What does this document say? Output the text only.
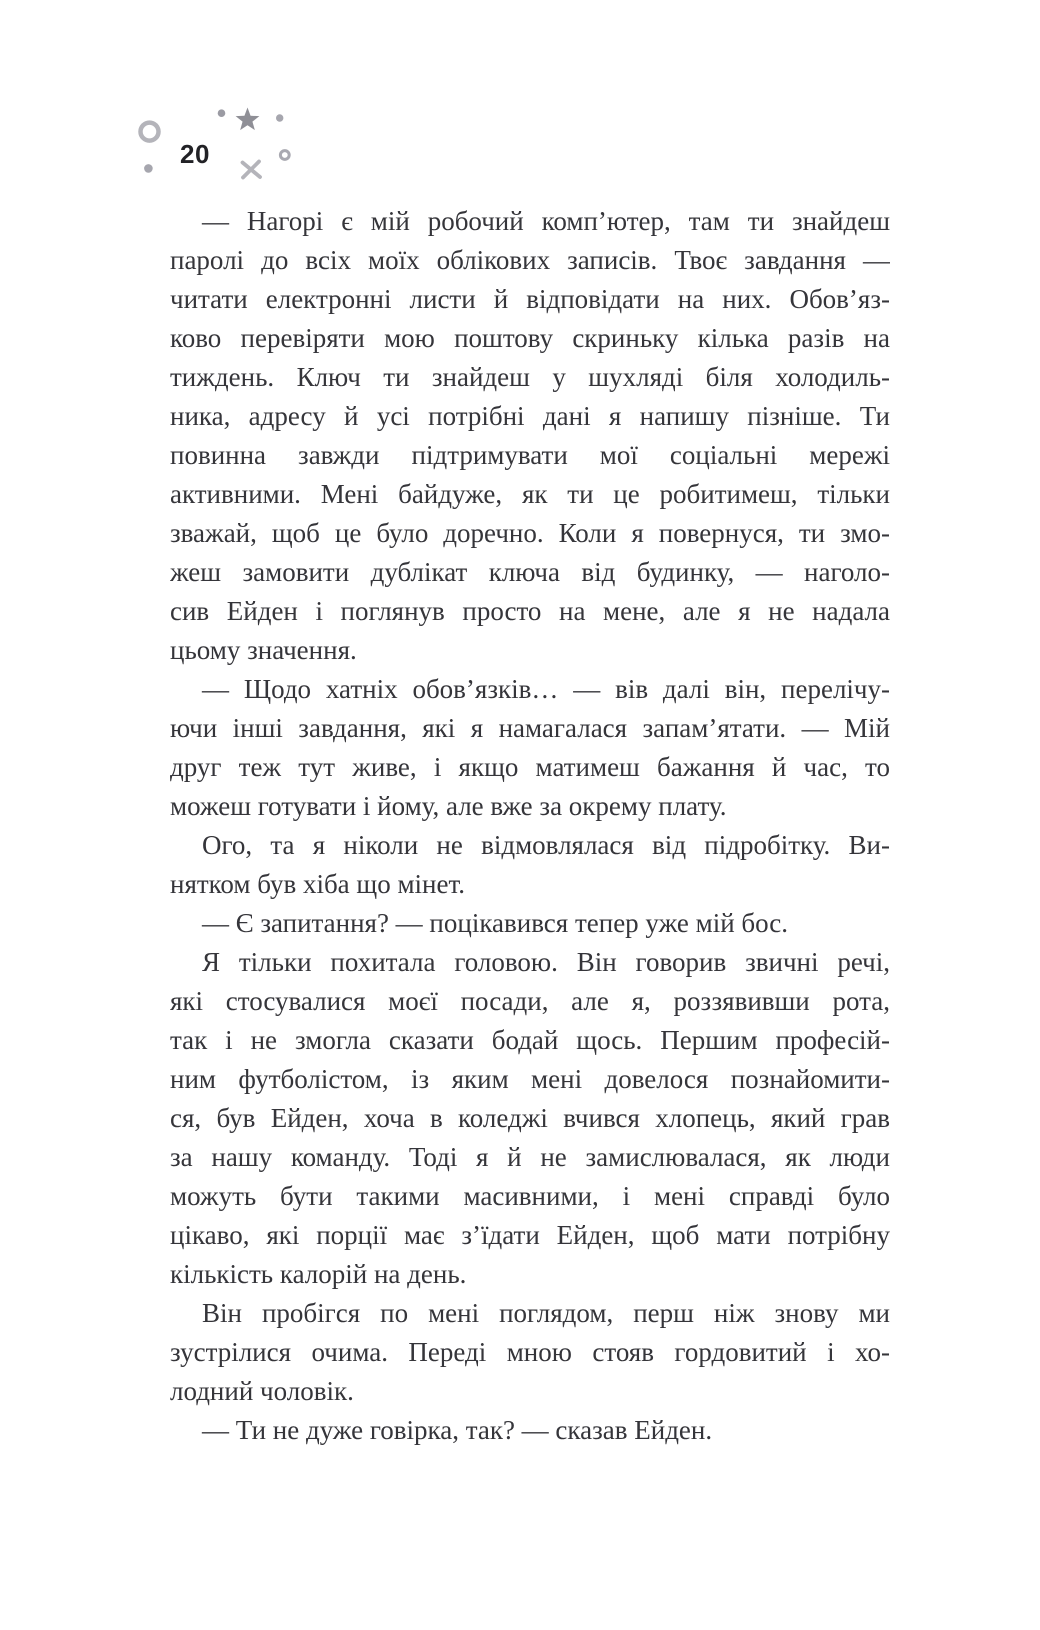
20
— Нагорі є мій робочий комп’ютер, там ти знайдеш
паролі до всіх моїх облікових записів. Твоє завдання —
читати електронні листи й відповідати на них. Обов’яз-
ково перевіряти мою поштову скриньку кілька разів на
тиждень. Ключ ти знайдеш у шухляді біля холодиль-
ника, адресу й усі потрібні дані я напишу пізніше. Ти
повинна завжди підтримувати мої соціальні мережі
активними. Мені байдуже, як ти це робитимеш, тільки
зважай, щоб це було доречно. Коли я повернуся, ти змо-
жеш замовити дублікат ключа від будинку, — наголо-
сив Ейден і поглянув просто на мене, але я не надала
цьому значення.
— Щодо хатніх обов’язків… — вів далі він, перелічу-
ючи інші завдання, які я намагалася запам’ятати. — Мій
друг теж тут живе, і якщо матимеш бажання й час, то
можеш готувати і йому, але вже за окрему плату.
Ого, та я ніколи не відмовлялася від підробітку. Ви-
нятком був хіба що мінет.
— Є запитання? — поцікавився тепер уже мій бос.
Я тільки похитала головою. Він говорив звичні речі,
які стосувалися моєї посади, але я, роззявивши рота,
так і не змогла сказати бодай щось. Першим професій-
ним футболістом, із яким мені довелося познайомити-
ся, був Ейден, хоча в коледжі вчився хлопець, який грав
за нашу команду. Тоді я й не замислювалася, як люди
можуть бути такими масивними, і мені справді було
цікаво, які порції має з’їдати Ейден, щоб мати потрібну
кількість калорій на день.
Він пробігся по мені поглядом, перш ніж знову ми
зустрілися очима. Переді мною стояв гордовитий і хо-
лодний чоловік.
— Ти не дуже говірка, так? — сказав Ейден.
